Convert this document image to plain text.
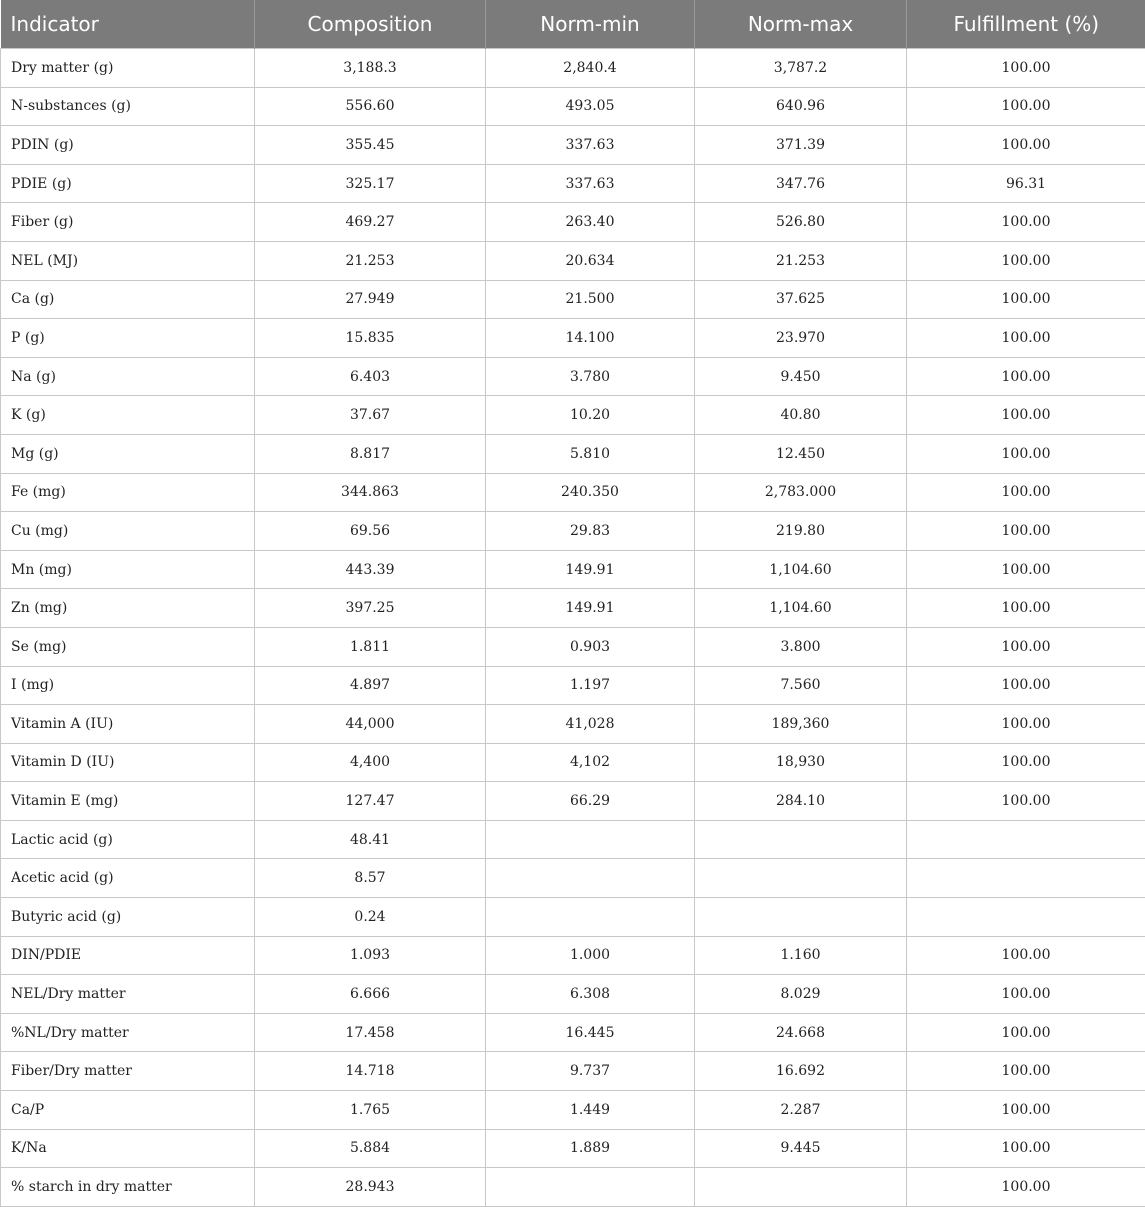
Indicator	Composition	Norm-min	Norm-max	Fulfillment (%)
Dry matter (g)	3,188.3	2,840.4	3,787.2	100.00
N-substances (g)	556.60	493.05	640.96	100.00
PDIN (g)	355.45	337.63	371.39	100.00
PDIE (g)	325.17	337.63	347.76	96.31
Fiber (g)	469.27	263.40	526.80	100.00
NEL (MJ)	21.253	20.634	21.253	100.00
Ca (g)	27.949	21.500	37.625	100.00
P (g)	15.835	14.100	23.970	100.00
Na (g)	6.403	3.780	9.450	100.00
K (g)	37.67	10.20	40.80	100.00
Mg (g)	8.817	5.810	12.450	100.00
Fe (mg)	344.863	240.350	2,783.000	100.00
Cu (mg)	69.56	29.83	219.80	100.00
Mn (mg)	443.39	149.91	1,104.60	100.00
Zn (mg)	397.25	149.91	1,104.60	100.00
Se (mg)	1.811	0.903	3.800	100.00
I (mg)	4.897	1.197	7.560	100.00
Vitamin A (IU)	44,000	41,028	189,360	100.00
Vitamin D (IU)	4,400	4,102	18,930	100.00
Vitamin E (mg)	127.47	66.29	284.10	100.00
Lactic acid (g)	48.41			
Acetic acid (g)	8.57			
Butyric acid (g)	0.24			
DIN/PDIE	1.093	1.000	1.160	100.00
NEL/Dry matter	6.666	6.308	8.029	100.00
%NL/Dry matter	17.458	16.445	24.668	100.00
Fiber/Dry matter	14.718	9.737	16.692	100.00
Ca/P	1.765	1.449	2.287	100.00
K/Na	5.884	1.889	9.445	100.00
% starch in dry matter	28.943			100.00
